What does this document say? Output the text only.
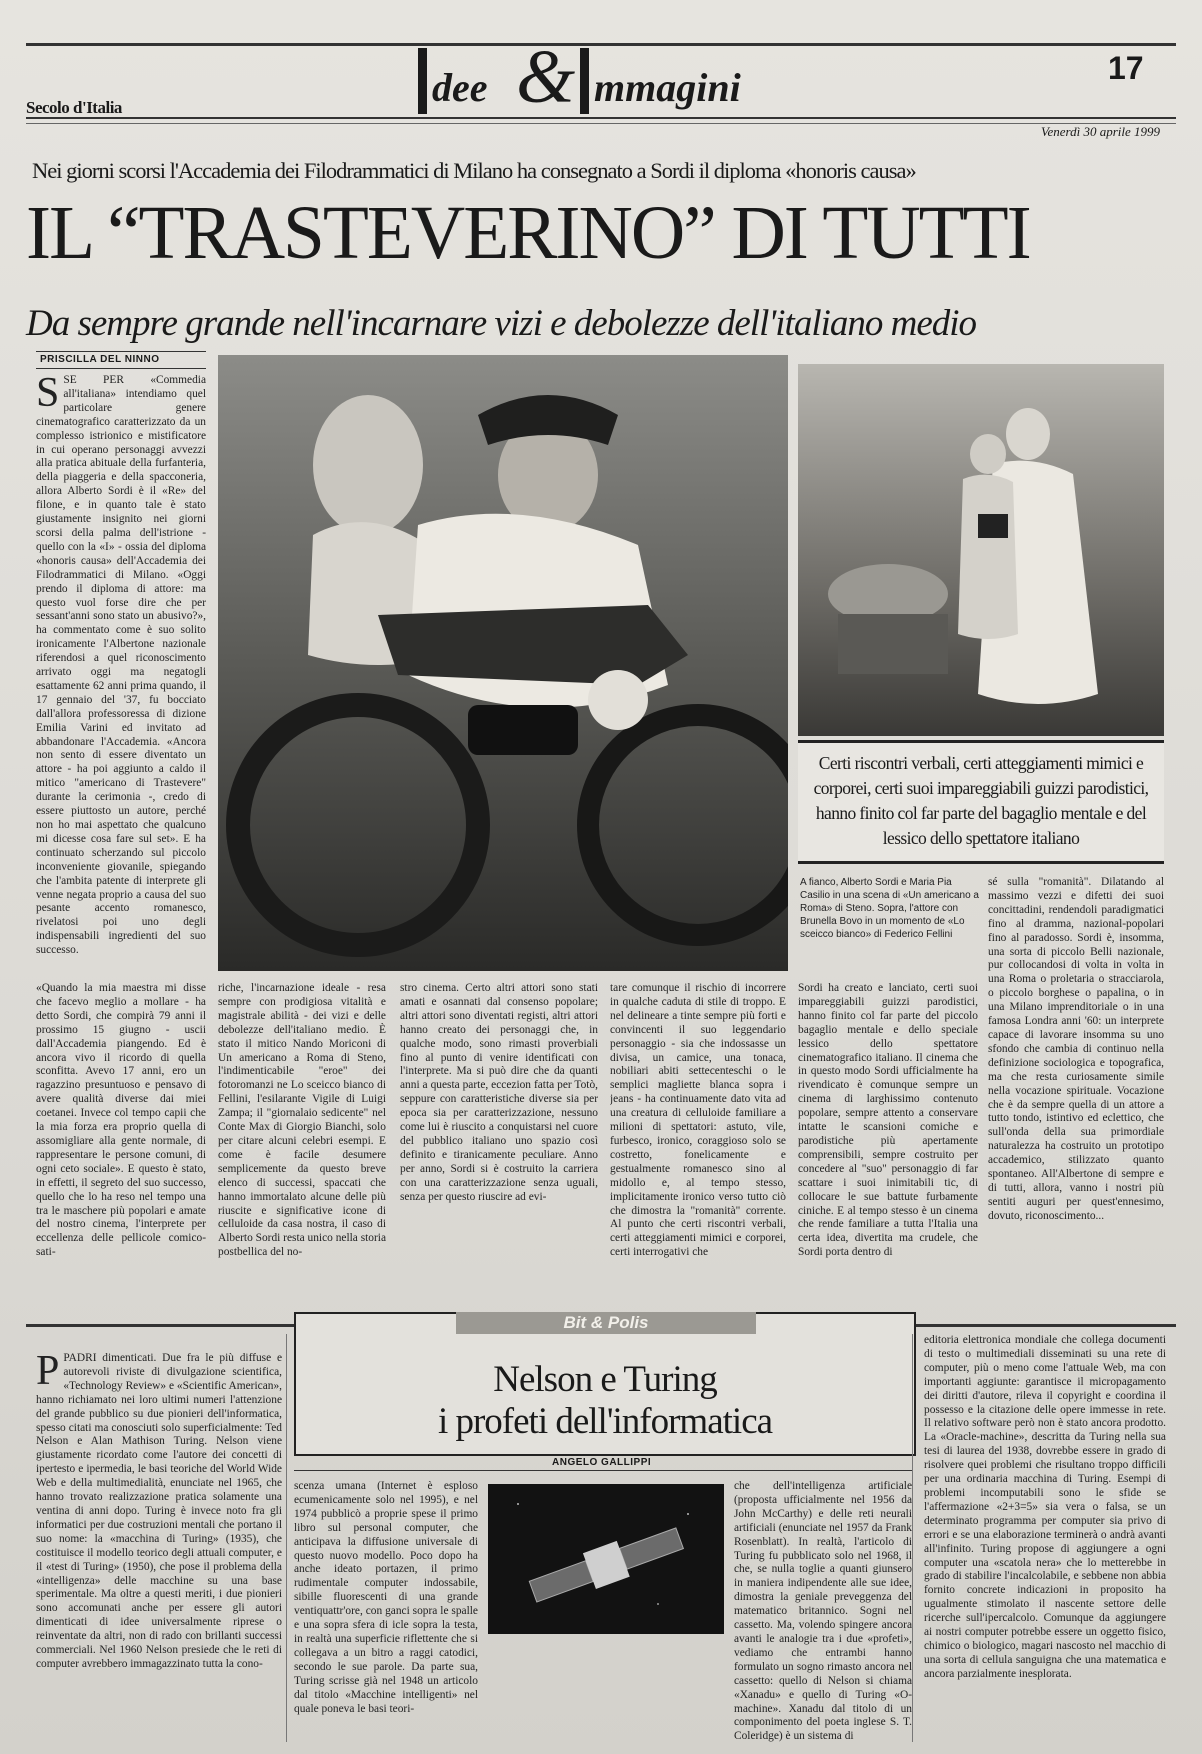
Secolo d'Italia	dee & mmagini	17
Venerdì 30 aprile 1999
Nei giorni scorsi l'Accademia dei Filodrammatici di Milano ha consegnato a Sordi il diploma «honoris causa»
IL “TRASTEVERINO” DI TUTTI
Da sempre grande nell'incarnare vizi e debolezze dell'italiano medio
PRISCILLA DEL NINNO
Certi riscontri verbali, certi atteggiamenti mimici e corporei, certi suoi impareggiabili guizzi parodistici, hanno finito col far parte del bagaglio mentale e del lessico dello spettatore italiano
A fianco, Alberto Sordi e Maria Pia Casilio in una scena di «Un americano a Roma» di Steno. Sopra, l'attore con Brunella Bovo in un momento de «Lo sceicco bianco» di Federico Fellini
SSE PER «Commedia all'italiana» intendiamo quel particolare genere cinematografico caratterizzato da un complesso istrionico e mistificatore in cui operano personaggi avvezzi alla pratica abituale della furfanteria, della piaggeria e della spacconeria, allora Alberto Sordi è il «Re» del filone, e in quanto tale è stato giustamente insignito nei giorni scorsi della palma dell'istrione - quello con la «I» - ossia del diploma «honoris causa» dell'Accademia dei Filodrammatici di Milano. «Oggi prendo il diploma di attore: ma questo vuol forse dire che per sessant'anni sono stato un abusivo?», ha commentato come è suo solito ironicamente l'Albertone nazionale riferendosi a quel riconoscimento arrivato oggi ma negatogli esattamente 62 anni prima quando, il 17 gennaio del '37, fu bocciato dall'allora professoressa di dizione Emilia Varini ed invitato ad abbandonare l'Accademia. «Ancora non sento di essere diventato un attore - ha poi aggiunto a caldo il mitico "americano di Trastevere" durante la cerimonia -, credo di essere piuttosto un autore, perché non ho mai aspettato che qualcuno mi dicesse cosa fare sul set». E ha continuato scherzando sul piccolo inconveniente giovanile, spiegando che l'ambita patente di interprete gli venne negata proprio a causa del suo pesante accento romanesco, rivelatosi poi uno degli indispensabili ingredienti del suo successo.
«Quando la mia maestra mi disse che facevo meglio a mollare - ha detto Sordi, che compirà 79 anni il prossimo 15 giugno - uscii dall'Accademia piangendo. Ed è ancora vivo il ricordo di quella sconfitta. Avevo 17 anni, ero un ragazzino presuntuoso e pensavo di avere qualità diverse dai miei coetanei. Invece col tempo capii che la mia forza era proprio quella di assomigliare alla gente normale, di rappresentare le persone comuni, di ogni ceto sociale». E questo è stato, in effetti, il segreto del suo successo, quello che lo ha reso nel tempo una tra le maschere più popolari e amate del nostro cinema, l'interprete per eccellenza delle pellicole comico-sati-
riche, l'incarnazione ideale - resa sempre con prodigiosa vitalità e magistrale abilità - dei vizi e delle debolezze dell'italiano medio. È stato il mitico Nando Moriconi di Un americano a Roma di Steno, l'indimenticabile "eroe" dei fotoromanzi ne Lo sceicco bianco di Fellini, l'esilarante Vigile di Luigi Zampa; il "giornalaio sedicente" nel Conte Max di Giorgio Bianchi, solo per citare alcuni celebri esempi. E come è facile desumere semplicemente da questo breve elenco di successi, spaccati che hanno immortalato alcune delle più riuscite e significative icone di celluloide da casa nostra, il caso di Alberto Sordi resta unico nella storia postbellica del no-
stro cinema. Certo altri attori sono stati amati e osannati dal consenso popolare; altri attori sono diventati registi, altri attori hanno creato dei personaggi che, in qualche modo, sono rimasti proverbiali fino al punto di venire identificati con l'interprete. Ma si può dire che da quanti anni a questa parte, eccezion fatta per Totò, seppure con caratteristiche diverse sia per epoca sia per caratterizzazione, nessuno come lui è riuscito a conquistarsi nel cuore del pubblico italiano uno spazio così definito e tiranicamente peculiare. Anno per anno, Sordi si è costruito la carriera con una caratterizzazione senza uguali, senza per questo riuscire ad evi-
tare comunque il rischio di incorrere in qualche caduta di stile di troppo. E nel delineare a tinte sempre più forti e convincenti il suo leggendario personaggio - sia che indossasse un divisa, un camice, una tonaca, nobiliari abiti settecenteschi o le semplici magliette blanca sopra i jeans - ha continuamente dato vita ad una creatura di celluloide familiare a milioni di spettatori: astuto, vile, furbesco, ironico, coraggioso solo se costretto, fonelicamente e gestualmente romanesco sino al midollo e, al tempo stesso, implicitamente ironico verso tutto ciò che dimostra la "romanità" corrente. Al punto che certi riscontri verbali, certi atteggiamenti mimici e corporei, certi interrogativi che
Sordi ha creato e lanciato, certi suoi impareggiabili guizzi parodistici, hanno finito col far parte del piccolo bagaglio mentale e dello speciale lessico dello spettatore cinematografico italiano. Il cinema che in questo modo Sordi ufficialmente ha rivendicato è comunque sempre un cinema di larghissimo contenuto popolare, sempre attento a conservare intatte le scansioni comiche e parodistiche più apertamente comprensibili, sempre costruito per concedere al "suo" personaggio di far scattare i suoi inimitabili tic, di collocare le sue battute furbamente ciniche. E al tempo stesso è un cinema che rende familiare a tutta l'Italia una certa idea, divertita ma crudele, che Sordi porta dentro di
sé sulla "romanità". Dilatando al massimo vezzi e difetti dei suoi concittadini, rendendoli paradigmatici fino al dramma, nazional-popolari fino al paradosso. Sordi è, insomma, una sorta di piccolo Belli nazionale, pur collocandosi di volta in volta in una Roma o proletaria o stracciarola, o piccolo borghese o papalina, o in una Milano imprenditoriale o in una famosa Londra anni '60: un interprete capace di lavorare insomma su uno sfondo che cambia di continuo nella definizione sociologica e topografica, ma che resta curiosamente simile nella vocazione spirituale. Vocazione che è da sempre quella di un attore a tutto tondo, istintivo ed eclettico, che sull'onda della sua primordiale naturalezza ha costruito un prototipo accademico, stilizzato quanto spontaneo. All'Albertone di sempre e di tutti, allora, vanno i nostri più sentiti auguri per quest'ennesimo, dovuto, riconoscimento...
Bit & Polis
Nelson e Turing
i profeti dell'informatica
ANGELO GALLIPPI
PPADRI dimenticati. Due fra le più diffuse e autorevoli riviste di divulgazione scientifica, «Technology Review» e «Scientific American», hanno richiamato nei loro ultimi numeri l'attenzione del grande pubblico su due pionieri dell'informatica, spesso citati ma conosciuti solo superficialmente: Ted Nelson e Alan Mathison Turing. Nelson viene giustamente ricordato come l'autore dei concetti di ipertesto e ipermedia, le basi teoriche del World Wide Web e della multimedialità, enunciate nel 1965, che hanno trovato realizzazione pratica solamente una ventina di anni dopo. Turing è invece noto fra gli informatici per due costruzioni mentali che portano il suo nome: la «macchina di Turing» (1935), che costituisce il modello teorico degli attuali computer, e il «test di Turing» (1950), che pose il problema della «intelligenza» delle macchine su una base sperimentale. Ma oltre a questi meriti, i due pionieri sono accomunati anche per essere gli autori dimenticati di idee universalmente riprese o reinventate da altri, non di rado con brillanti successi commerciali. Nel 1960 Nelson presiede che le reti di computer avrebbero immagazzinato tutta la cono-
scenza umana (Internet è esploso ecumenicamente solo nel 1995), e nel 1974 pubblicò a proprie spese il primo libro sul personal computer, che anticipava la diffusione universale di questo nuovo modello. Poco dopo ha anche ideato portazen, il primo rudimentale computer indossabile, sibille fluorescenti di una grande ventiquattr'ore, con ganci sopra le spalle e una sopra sfera di icle sopra la testa, in realtà una superficie riflettente che si collegava a un bitro a raggi catodici, secondo le sue parole. Da parte sua, Turing scrisse già nel 1948 un articolo dal titolo «Macchine intelligenti» nel quale poneva le basi teori-
che dell'intelligenza artificiale (proposta ufficialmente nel 1956 da John McCarthy) e delle reti neurali artificiali (enunciate nel 1957 da Frank Rosenblatt). In realtà, l'articolo di Turing fu pubblicato solo nel 1968, il che, se nulla toglie a quanti giunsero in maniera indipendente alle sue idee, dimostra la geniale preveggenza del matematico britannico. Sogni nel cassetto. Ma, volendo spingere ancora avanti le analogie tra i due «profeti», vediamo che entrambi hanno formulato un sogno rimasto ancora nel cassetto: quello di Nelson si chiama «Xanadu» e quello di Turing «O-machine». Xanadu dal titolo di un componimento del poeta inglese S. T. Coleridge) è un sistema di
editoria elettronica mondiale che collega documenti di testo o multimediali disseminati su una rete di computer, più o meno come l'attuale Web, ma con importanti aggiunte: garantisce il micropagamento dei diritti d'autore, rileva il copyright e coordina il possesso e la citazione delle opere immesse in rete. Il relativo software però non è stato ancora prodotto. La «Oracle-machine», descritta da Turing nella sua tesi di laurea del 1938, dovrebbe essere in grado di risolvere quei problemi che risultano troppo difficili per una ordinaria macchina di Turing. Esempi di problemi incomputabili sono le sfide se l'affermazione «2+3=5» sia vera o falsa, se un determinato programma per computer sia privo di errori e se una elaborazione terminerà o andrà avanti all'infinito. Turing propose di aggiungere a ogni computer una «scatola nera» che lo metterebbe in grado di stabilire l'incalcolabile, e sebbene non abbia fornito concrete indicazioni in proposito ha ugualmente stimolato il nascente settore delle ricerche sull'ipercalcolo. Comunque da aggiungere ai nostri computer potrebbe essere un oggetto fisico, chimico o biologico, magari nascosto nel macchio di una sorta di cellula sanguigna che una matematica e ancora parzialmente inesplorata.
